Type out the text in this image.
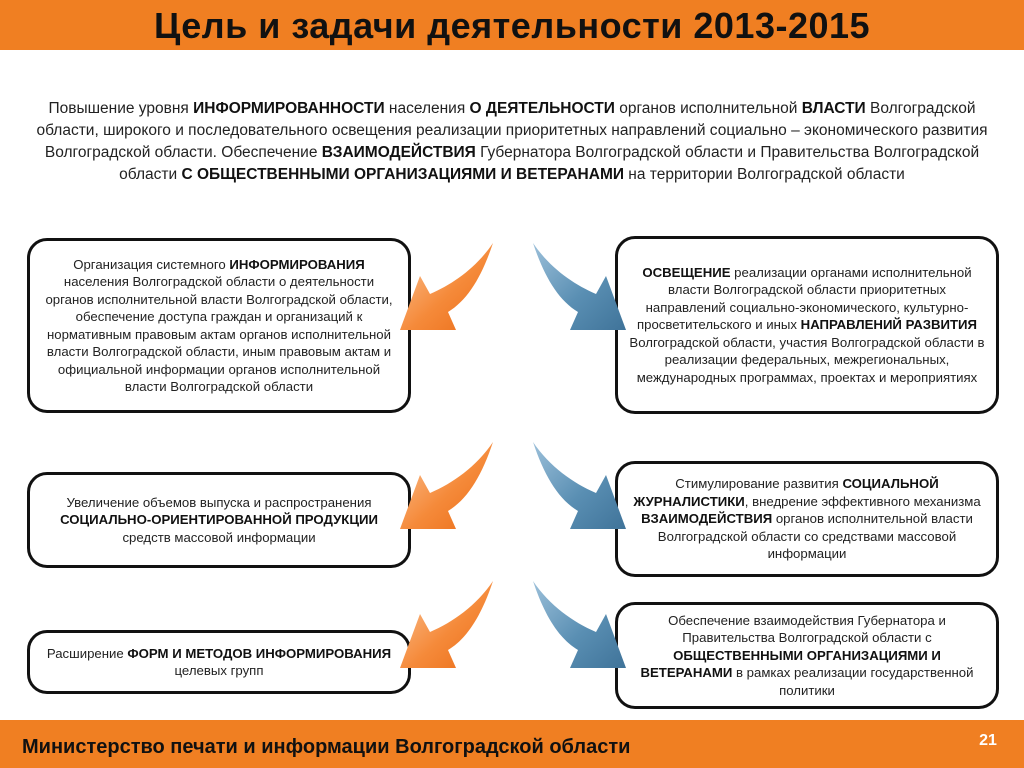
Цель и задачи деятельности 2013-2015
Повышение уровня ИНФОРМИРОВАННОСТИ населения О ДЕЯТЕЛЬНОСТИ органов исполнительной ВЛАСТИ Волгоградской области, широкого и последовательного освещения реализации приоритетных направлений социально – экономического развития Волгоградской области. Обеспечение ВЗАИМОДЕЙСТВИЯ Губернатора Волгоградской области и Правительства Волгоградской области С ОБЩЕСТВЕННЫМИ ОРГАНИЗАЦИЯМИ И ВЕТЕРАНАМИ на территории Волгоградской области
Организация системного ИНФОРМИРОВАНИЯ населения Волгоградской области о деятельности органов исполнительной власти Волгоградской области, обеспечение доступа граждан и организаций к нормативным правовым актам органов исполнительной власти Волгоградской области, иным правовым актам и официальной информации органов исполнительной власти Волгоградской области
ОСВЕЩЕНИЕ реализации органами исполнительной власти Волгоградской области приоритетных направлений социально-экономического, культурно-просветительского и иных НАПРАВЛЕНИЙ РАЗВИТИЯ Волгоградской области, участия Волгоградской области в реализации федеральных, межрегиональных, международных программах, проектах и мероприятиях
Увеличение объемов выпуска и распространения СОЦИАЛЬНО-ОРИЕНТИРОВАННОЙ ПРОДУКЦИИ средств массовой информации
Стимулирование развития СОЦИАЛЬНОЙ ЖУРНАЛИСТИКИ, внедрение эффективного механизма ВЗАИМОДЕЙСТВИЯ органов исполнительной власти Волгоградской области со средствами массовой информации
Расширение ФОРМ И МЕТОДОВ ИНФОРМИРОВАНИЯ целевых групп
Обеспечение взаимодействия Губернатора и Правительства Волгоградской области с ОБЩЕСТВЕННЫМИ ОРГАНИЗАЦИЯМИ И ВЕТЕРАНАМИ в рамках реализации государственной политики
Министерство печати и информации Волгоградской области	21
